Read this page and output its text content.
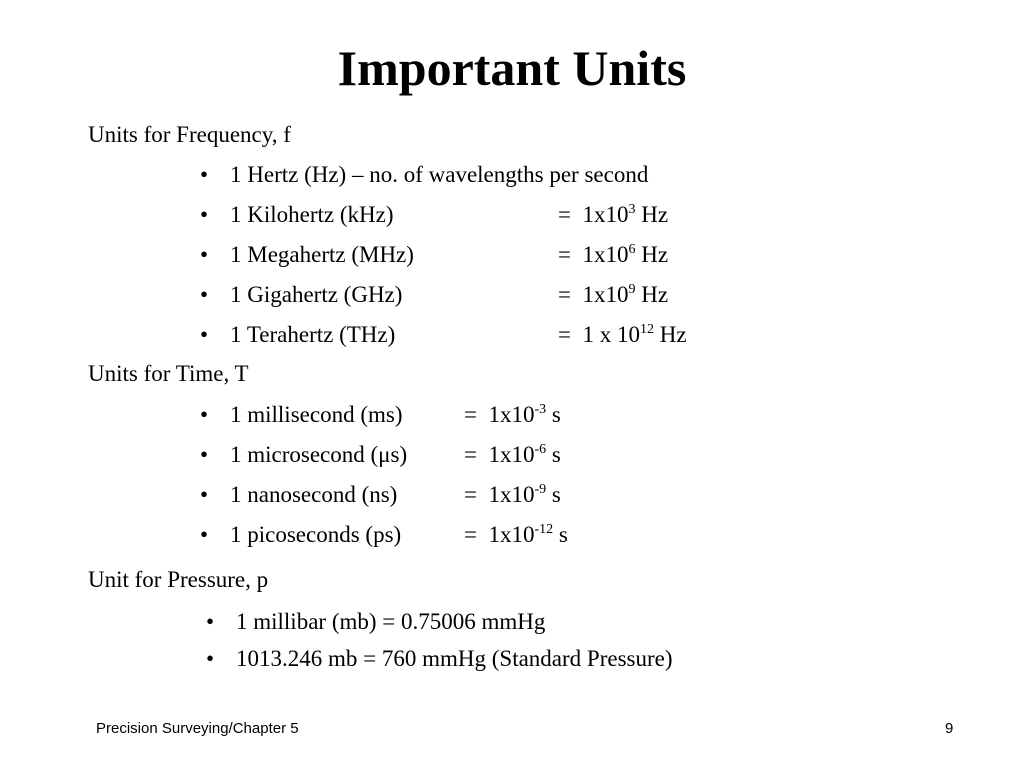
Important Units
Units for Frequency, f
• 1 Hertz (Hz) – no. of wavelengths per second
• 1 Kilohertz (kHz)	= $1x10^3$ Hz
• 1 Megahertz (MHz)	= $1x10^6$ Hz
• 1 Gigahertz (GHz)	= $1x10^9$ Hz
• 1 Terahertz (THz)	= 1 x $10^{12}$ Hz
Units for Time, T
• 1 millisecond (ms)	= $1x10^{-3}$ s
• 1 microsecond $(\mu s) = 1x10^{-6}$ s
• 1 nanosecond (ns)	= $1x10^{-9}$ s
• 1 picoseconds (ps)	= $1x10^{-12}$ s
Unit for Pressure, p
• 1 millibar (mb) = 0.75006 mmHg
• 1013.246 mb = 760 mmHg (Standard Pressure)
Precision Surveying/Chapter 5	9
